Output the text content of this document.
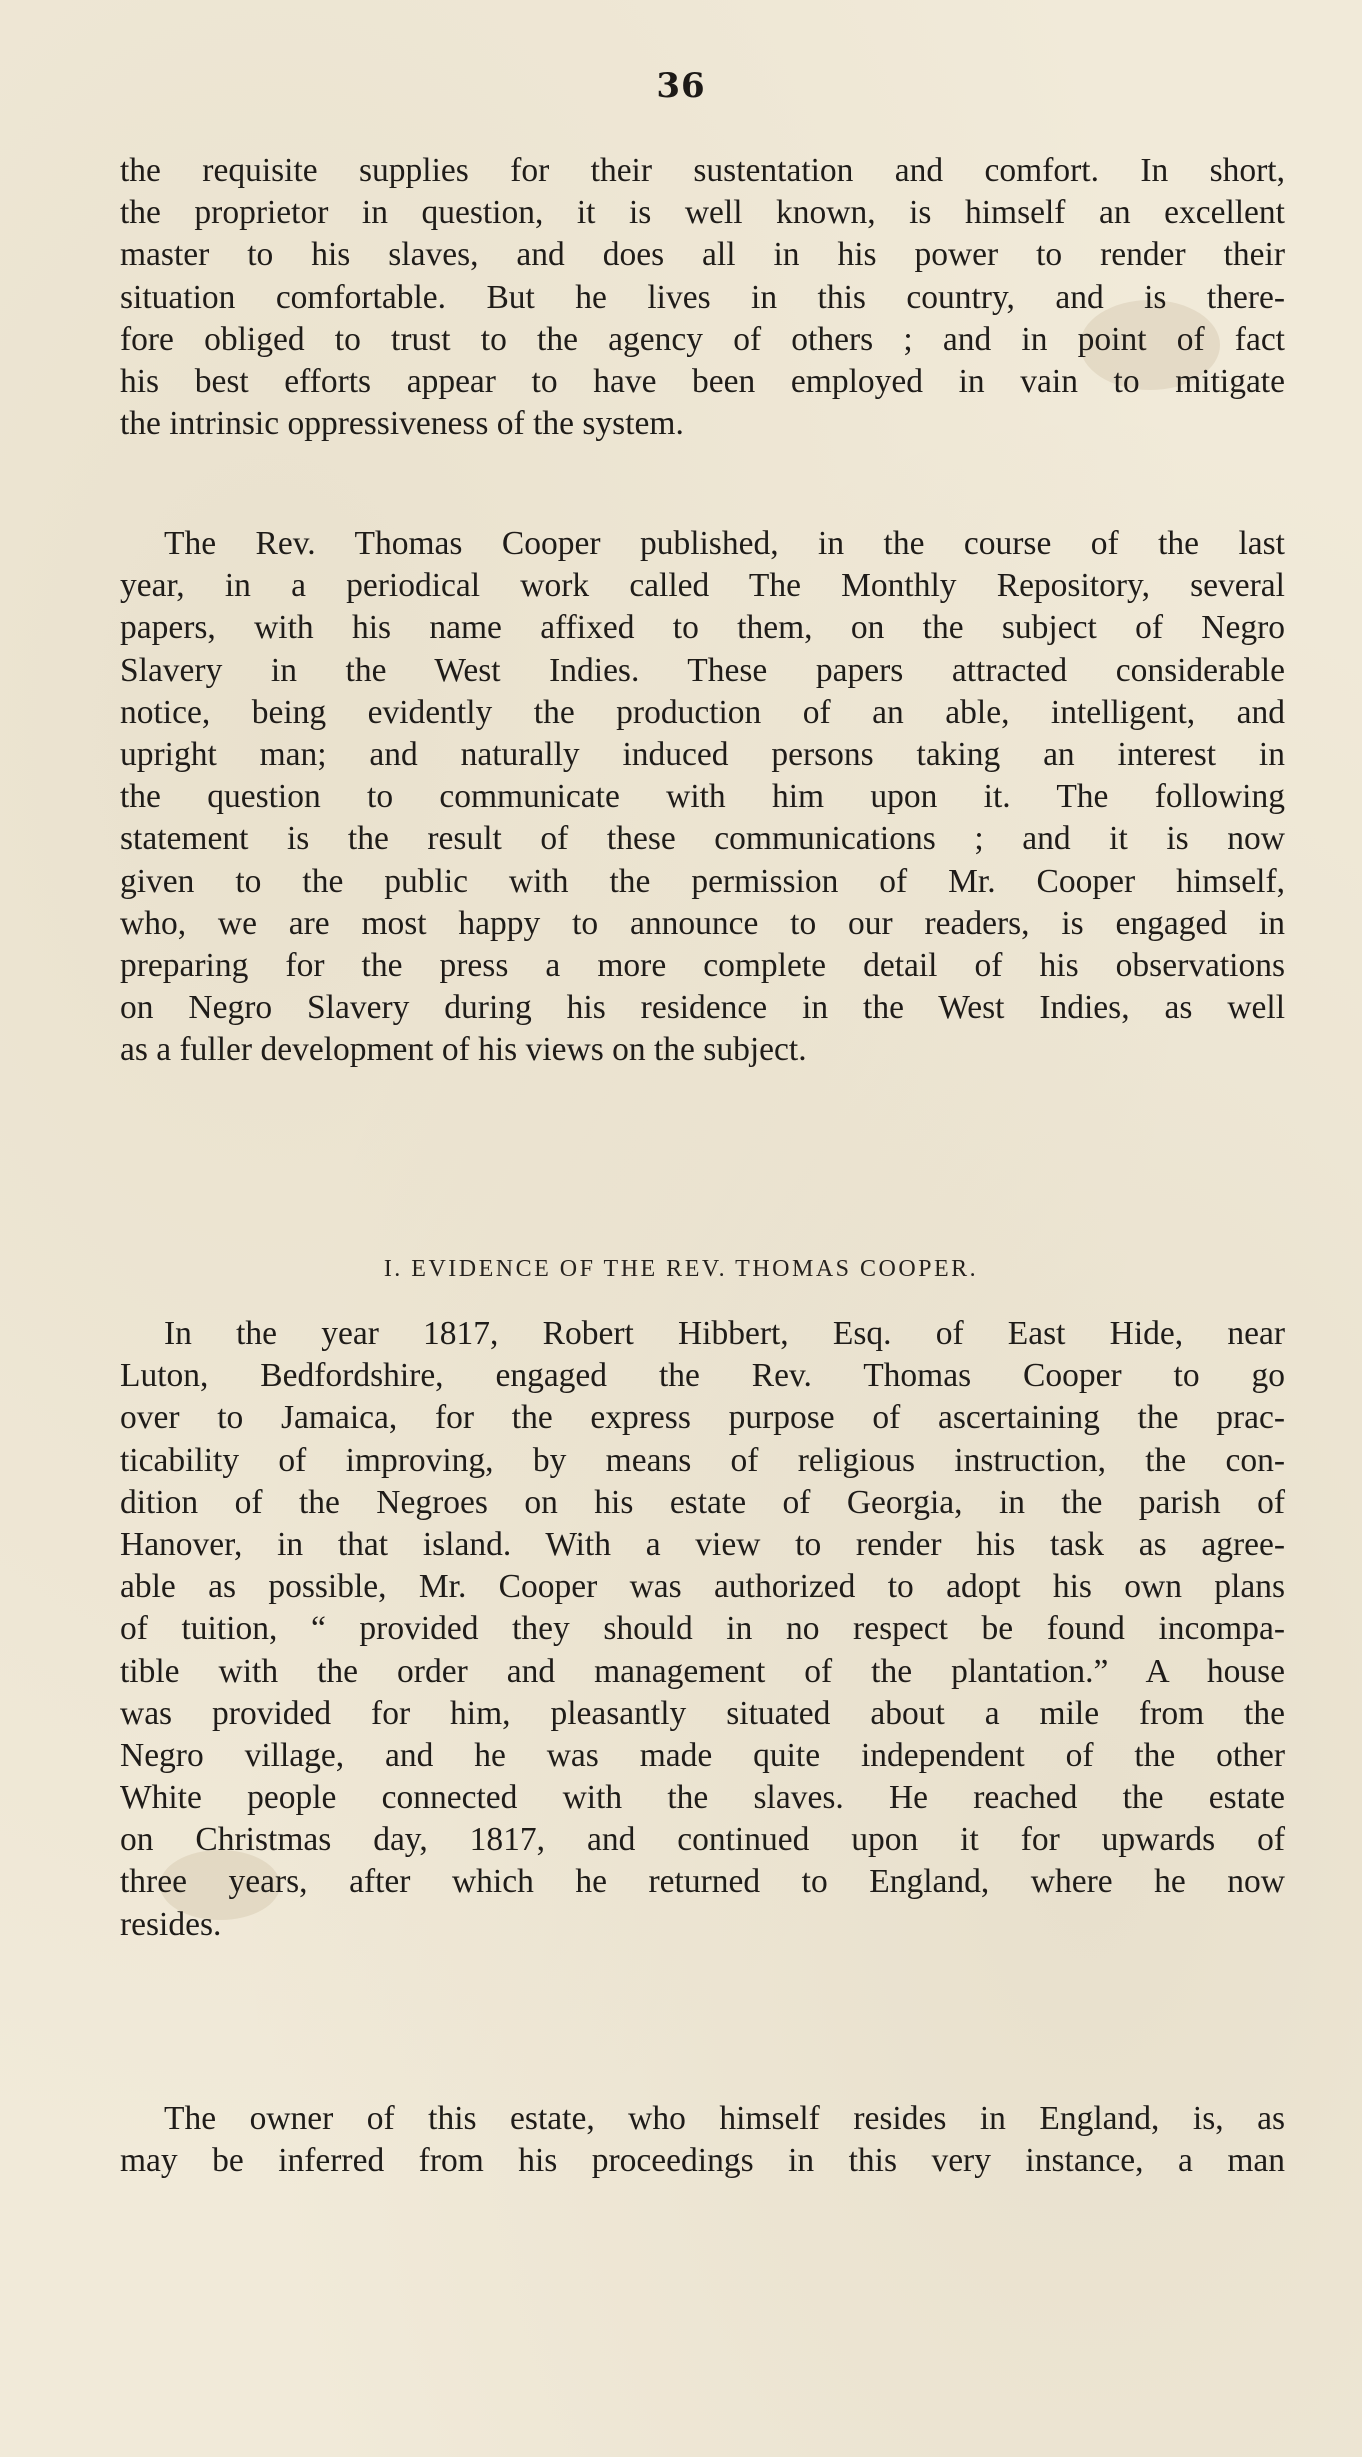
36
the requisite supplies for their sustentation and comfort. In short,
the proprietor in question, it is well known, is himself an excellent
master to his slaves, and does all in his power to render their
situation comfortable. But he lives in this country, and is there-
fore obliged to trust to the agency of others ; and in point of fact
his best efforts appear to have been employed in vain to mitigate
the intrinsic oppressiveness of the system.
The Rev. Thomas Cooper published, in the course of the last
year, in a periodical work called The Monthly Repository, several
papers, with his name affixed to them, on the subject of Negro
Slavery in the West Indies. These papers attracted considerable
notice, being evidently the production of an able, intelligent, and
upright man; and naturally induced persons taking an interest in
the question to communicate with him upon it. The following
statement is the result of these communications ; and it is now
given to the public with the permission of Mr. Cooper himself,
who, we are most happy to announce to our readers, is engaged in
preparing for the press a more complete detail of his observations
on Negro Slavery during his residence in the West Indies, as well
as a fuller development of his views on the subject.
I. EVIDENCE OF THE REV. THOMAS COOPER.
In the year 1817, Robert Hibbert, Esq. of East Hide, near
Luton, Bedfordshire, engaged the Rev. Thomas Cooper to go
over to Jamaica, for the express purpose of ascertaining the prac-
ticability of improving, by means of religious instruction, the con-
dition of the Negroes on his estate of Georgia, in the parish of
Hanover, in that island. With a view to render his task as agree-
able as possible, Mr. Cooper was authorized to adopt his own plans
of tuition, “ provided they should in no respect be found incompa-
tible with the order and management of the plantation.” A house
was provided for him, pleasantly situated about a mile from the
Negro village, and he was made quite independent of the other
White people connected with the slaves. He reached the estate
on Christmas day, 1817, and continued upon it for upwards of
three years, after which he returned to England, where he now
resides.
The owner of this estate, who himself resides in England, is, as
may be inferred from his proceedings in this very instance, a man
